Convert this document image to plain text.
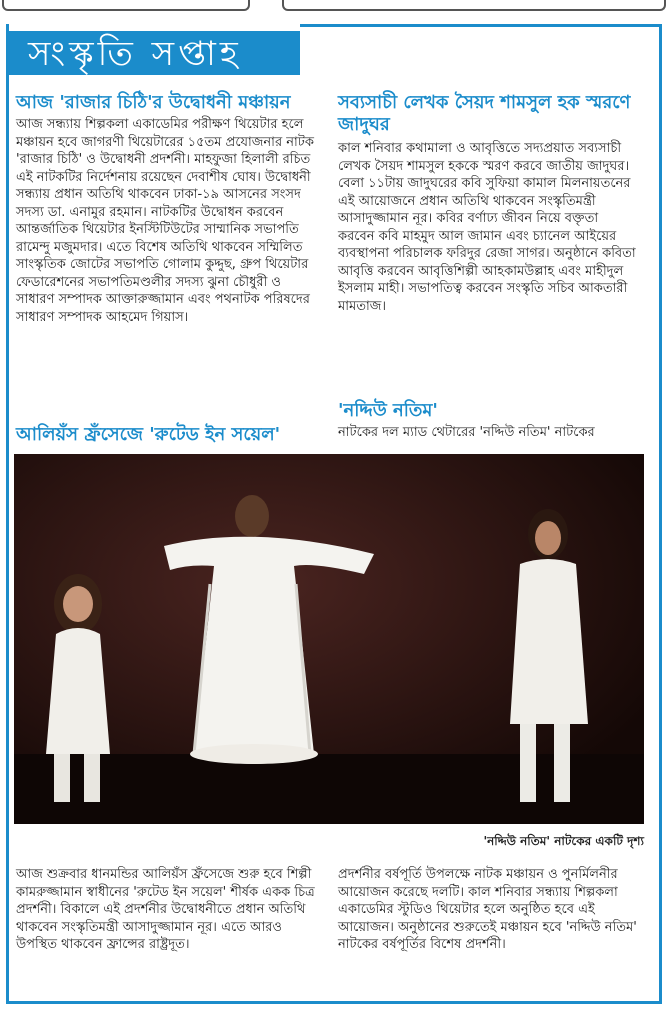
সংস্কৃতি সপ্তাহ
আজ 'রাজার চিঠি'র উদ্বোধনী মঞ্চায়ন
আজ সন্ধ্যায় শিল্পকলা একাডেমির পরীক্ষণ থিয়েটার হলে মঞ্চায়ন হবে জাগরণী থিয়েটারের ১৫তম প্রযোজনার নাটক 'রাজার চিঠি' ও উদ্বোধনী প্রদর্শনী। মাহফুজা হিলালী রচিত এই নাটকটির নির্দেশনায় রয়েছেন দেবাশীষ ঘোষ। উদ্বোধনী সন্ধ্যায় প্রধান অতিথি থাকবেন ঢাকা-১৯ আসনের সংসদ সদস্য ডা. এনামুর রহমান। নাটকটির উদ্বোধন করবেন আন্তর্জাতিক থিয়েটার ইনস্টিটিউটের সাম্মানিক সভাপতি রামেন্দু মজুমদার। এতে বিশেষ অতিথি থাকবেন সম্মিলিত সাংস্কৃতিক জোটের সভাপতি গোলাম কুদ্দুছ, গ্রুপ থিয়েটার ফেডারেশনের সভাপতিমণ্ডলীর সদস্য ঝুনা চৌধুরী ও সাধারণ সম্পাদক আক্তারুজ্জামান এবং পথনাটক পরিষদের সাধারণ সম্পাদক আহমেদ গিয়াস।
সব্যসাচী লেখক সৈয়দ শামসুল হক স্মরণে জাদুঘর
কাল শনিবার কথামালা ও আবৃত্তিতে সদ্যপ্রয়াত সব্যসাচী লেখক সৈয়দ শামসুল হককে স্মরণ করবে জাতীয় জাদুঘর। বেলা ১১টায় জাদুঘরের কবি সুফিয়া কামাল মিলনায়তনের এই আয়োজনে প্রধান অতিথি থাকবেন সংস্কৃতিমন্ত্রী আসাদুজ্জামান নূর। কবির বর্ণাঢ্য জীবন নিয়ে বক্তৃতা করবেন কবি মাহমুদ আল জামান এবং চ্যানেল আইয়ের ব্যবস্থাপনা পরিচালক ফরিদুর রেজা সাগর। অনুষ্ঠানে কবিতা আবৃত্তি করবেন আবৃত্তিশিল্পী আহকামউল্লাহ এবং মাহীদুল ইসলাম মাহী। সভাপতিত্ব করবেন সংস্কৃতি সচিব আকতারী মামতাজ।
'নদ্দিউ নতিম'
নাটকের দল ম্যাড থেটারের 'নদ্দিউ নতিম' নাটকের
আলিয়ঁস ফ্রঁসেজে 'রুটেড ইন সয়েল'
'নদ্দিউ নতিম' নাটকের একটি দৃশ্য
আজ শুক্রবার ধানমন্ডির আলিয়ঁস ফ্রঁসেজে শুরু হবে শিল্পী কামরুজ্জামান স্বাধীনের 'রুটেড ইন সয়েল' শীর্ষক একক চিত্র প্রদর্শনী। বিকালে এই প্রদর্শনীর উদ্বোধনীতে প্রধান অতিথি থাকবেন সংস্কৃতিমন্ত্রী আসাদুজ্জামান নূর। এতে আরও উপস্থিত থাকবেন ফ্রান্সের রাষ্ট্রদূত।
প্রদর্শনীর বর্ষপূর্তি উপলক্ষে নাটক মঞ্চায়ন ও পুনর্মিলনীর আয়োজন করেছে দলটি। কাল শনিবার সন্ধ্যায় শিল্পকলা একাডেমির স্টুডিও থিয়েটার হলে অনুষ্ঠিত হবে এই আয়োজন। অনুষ্ঠানের শুরুতেই মঞ্চায়ন হবে 'নদ্দিউ নতিম' নাটকের বর্ষপূর্তির বিশেষ প্রদর্শনী।
